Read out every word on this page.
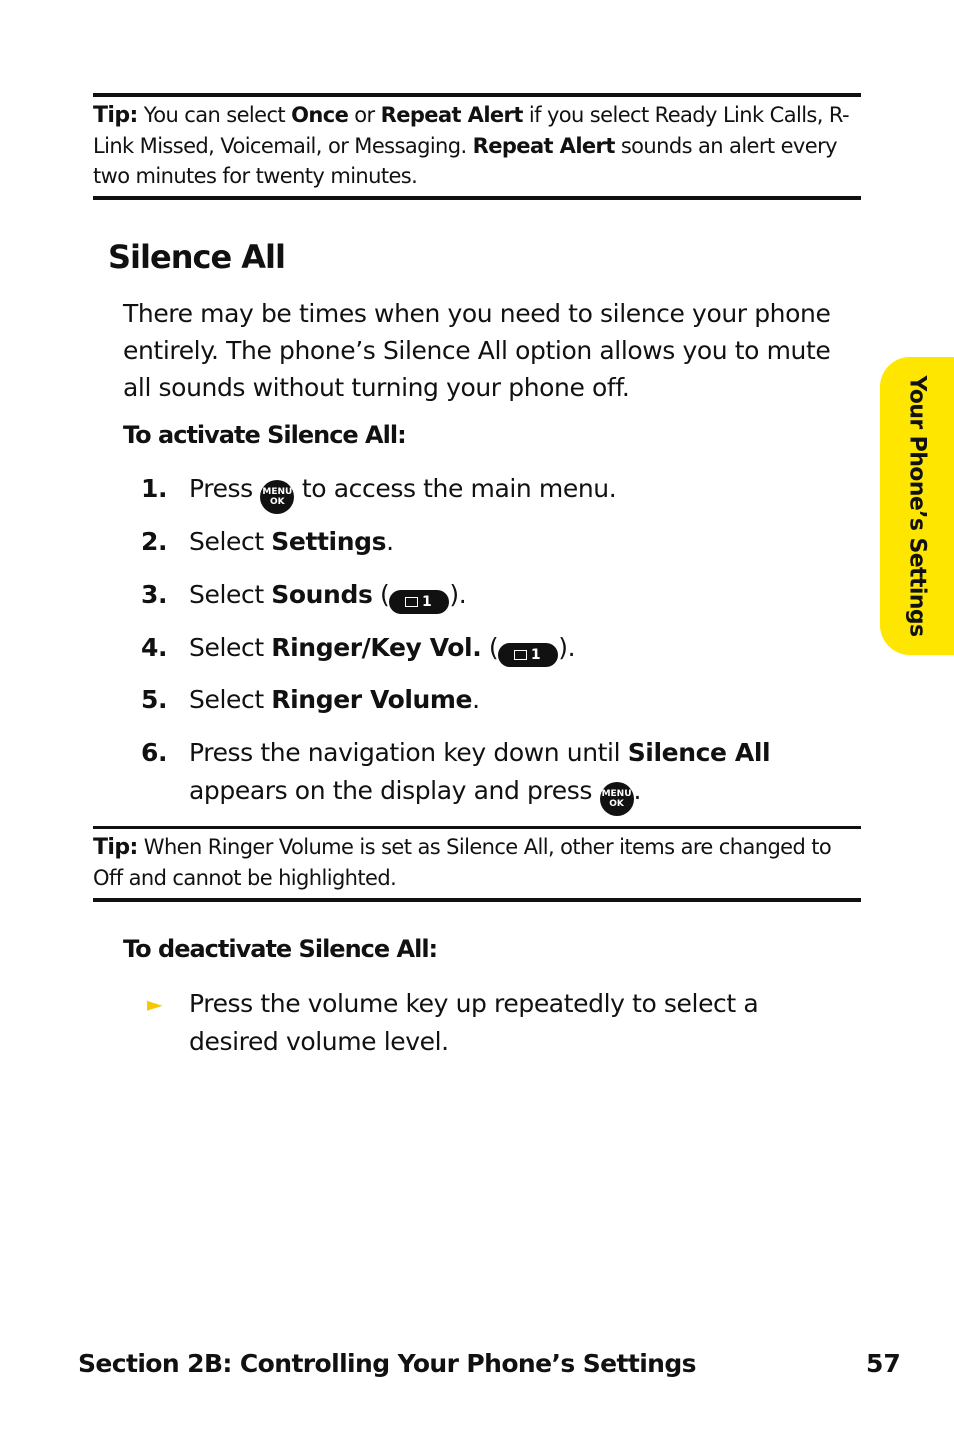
Tip: You can select Once or Repeat Alert if you select Ready Link Calls, R-Link Missed, Voicemail, or Messaging. Repeat Alert sounds an alert every two minutes for twenty minutes.
Silence All
There may be times when you need to silence your phone entirely. The phone’s Silence All option allows you to mute all sounds without turning your phone off.
To activate Silence All:
1. Press MENU
OK to access the main menu.
2. Select Settings.
3. Select Sounds ( 1 ).
4. Select Ringer/Key Vol. ( 1 ).
5. Select Ringer Volume.
6. Press the navigation key down until Silence All appears on the display and press MENU
OK .
Tip: When Ringer Volume is set as Silence All, other items are changed to Off and cannot be highlighted.
To deactivate Silence All:
► Press the volume key up repeatedly to select a desired volume level.
Your Phone’s Settings
Section 2B: Controlling Your Phone’s Settings	57
